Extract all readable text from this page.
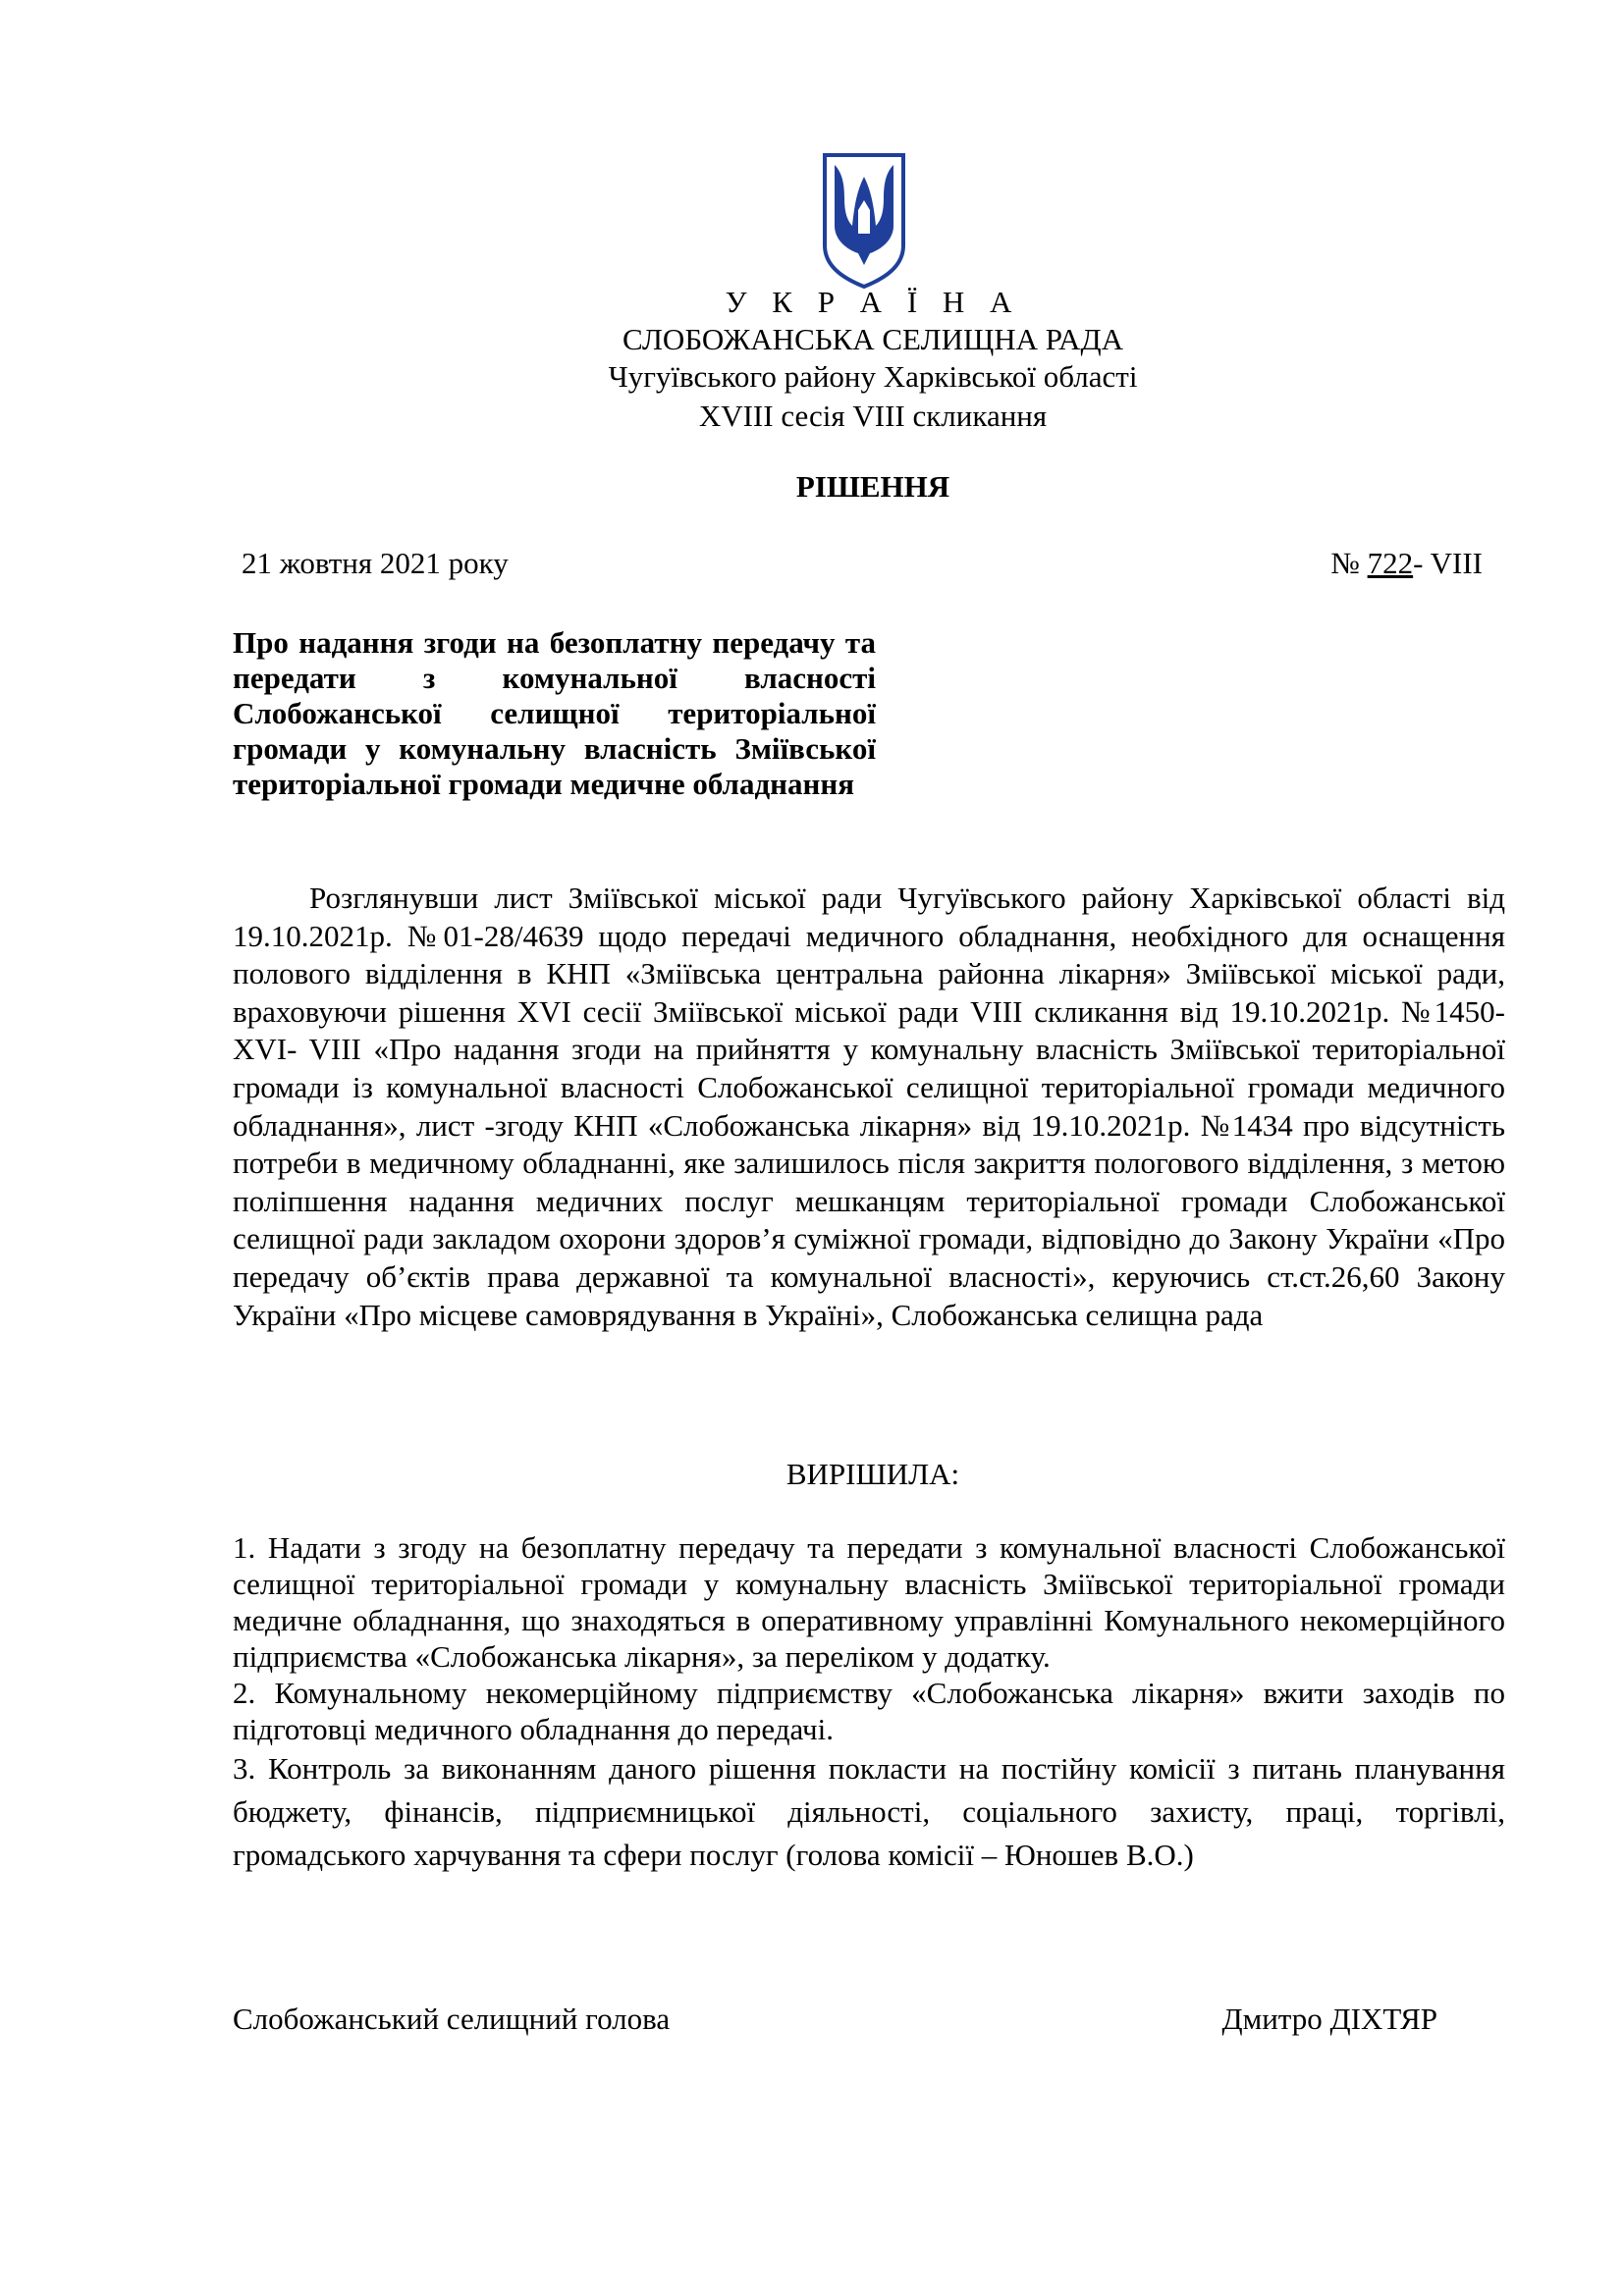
У К Р А Ї Н А
СЛОБОЖАНСЬКА СЕЛИЩНА РАДА
Чугуївського району Харківської області
XVIII сесія VIII скликання
РІШЕННЯ
21 жовтня 2021 року	№ 722- VIII
Про надання згоди на безоплатну передачу та передати з комунальної власності Слобожанської селищної територіальної громади у комунальну власність Зміївської територіальної громади медичне обладнання
Розглянувши лист Зміївської міської ради Чугуївського району Харківської області від 19.10.2021р. №01-28/4639 щодо передачі медичного обладнання, необхідного для оснащення полового відділення в КНП «Зміївська центральна районна лікарня» Зміївської міської ради, враховуючи рішення XVI сесії Зміївської міської ради VIII скликання від 19.10.2021р. №1450- XVI- VIII «Про надання згоди на прийняття у комунальну власність Зміївської територіальної громади із комунальної власності Слобожанської селищної територіальної громади медичного обладнання», лист -згоду КНП «Слобожанська лікарня» від 19.10.2021р. №1434 про відсутність потреби в медичному обладнанні, яке залишилось після закриття пологового відділення, з метою поліпшення надання медичних послуг мешканцям територіальної громади Слобожанської селищної ради закладом охорони здоров’я суміжної громади, відповідно до Закону України «Про передачу об’єктів права державної та комунальної власності», керуючись ст.ст.26,60 Закону України «Про місцеве самоврядування в Україні», Слобожанська селищна рада
ВИРІШИЛА:

1. Надати з згоду на безоплатну передачу та передати з комунальної власності Слобожанської селищної територіальної громади у комунальну власність Зміївської територіальної громади медичне обладнання, що знаходяться в оперативному управлінні Комунального некомерційного підприємства «Слобожанська лікарня», за переліком у додатку.

2. Комунальному некомерційному підприємству «Слобожанська лікарня» вжити заходів по підготовці медичного обладнання до передачі.

3. Контроль за виконанням даного рішення покласти на постійну комісії з питань планування бюджету, фінансів, підприємницької діяльності, соціального захисту, праці, торгівлі, громадського харчування та сфери послуг (голова комісії – Юношев В.О.)

Слобожанський селищний голова	Дмитро ДІХТЯР
